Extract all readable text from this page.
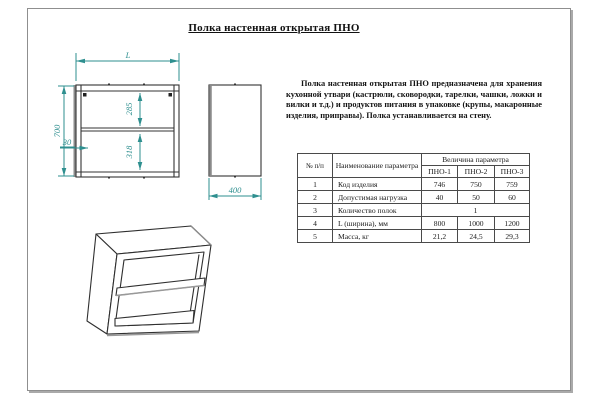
Полка настенная открытая ПНО
L
700
285
318
30
400
Полка настенная открытая ПНО предназначена для хранения кухонной утвари (кастрюли, сковородки, тарелки, чашки, ложки и вилки и т.д.) и продуктов питания в упаковке (крупы, макаронные изделия, приправы). Полка устанавливается на стену.
№ п/п	Наименование параметра	Величина параметра		
		ПНО-1	ПНО-2	ПНО-3
1	Код изделия	746	750	759
2	Допустимая нагрузка	40	50	60
3	Количество полок	1		
4	L (ширина), мм	800	1000	1200
5	Масса, кг	21,2	24,5	29,3
